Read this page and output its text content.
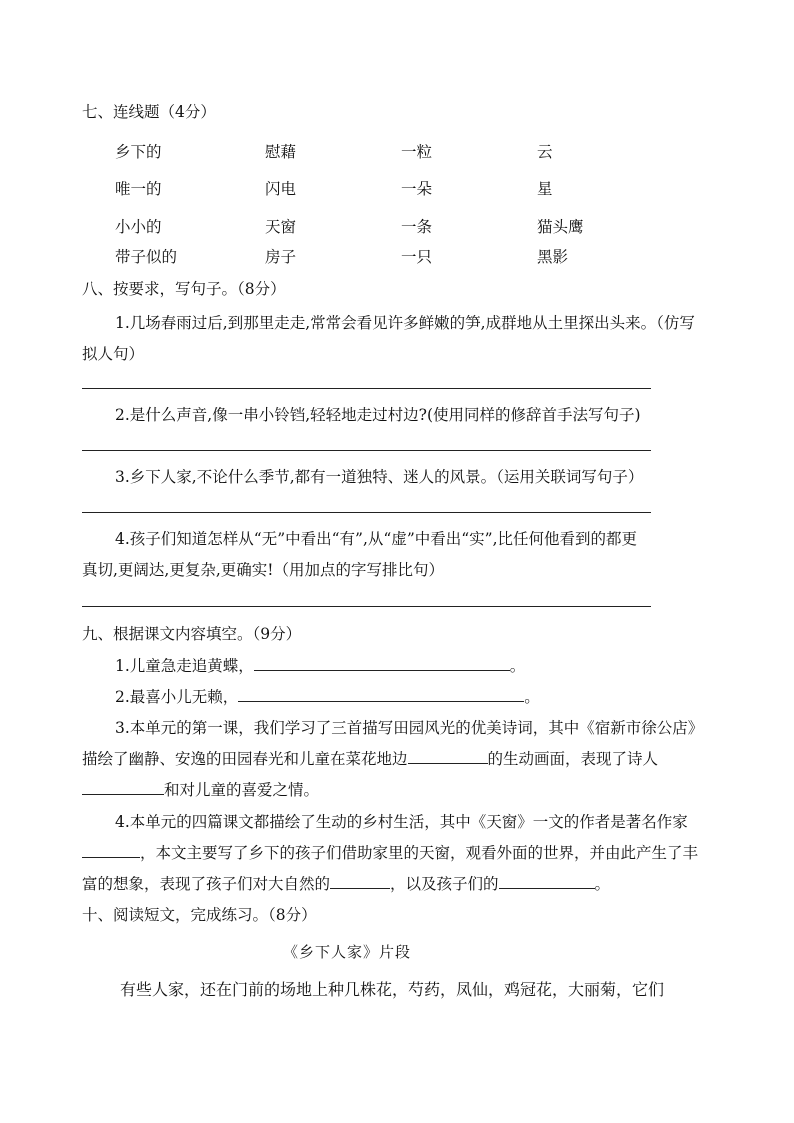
七、连线题（4分）
乡下的	慰藉	一粒	云
唯一的	闪电	一朵	星
小小的	天窗	一条	猫头鹰
带子似的	房子	一只	黑影
八、按要求，写句子。（8分）
1.几场春雨过后,到那里走走,常常会看见许多鲜嫩的笋,成群地从土里探出头来。（仿写
拟人句）
2.是什么声音,像一串小铃铛,轻轻地走过村边?(使用同样的修辞首手法写句子)
3.乡下人家,不论什么季节,都有一道独特、迷人的风景。（运用关联词写句子）
4.孩子们知道怎样从“无”中看出“有”,从“虚”中看出“实”,比任何他看到的都更
真切,更阔达,更复杂,更确实!（用加点的字写排比句）
九、根据课文内容填空。（9分）
1.儿童急走追黄蝶，	。
2.最喜小儿无赖，	。
3.本单元的第一课，我们学习了三首描写田园风光的优美诗词，其中《宿新市徐公店》
描绘了幽静、安逸的田园春光和儿童在菜花地边	的生动画面，表现了诗人
和对儿童的喜爱之情。
4.本单元的四篇课文都描绘了生动的乡村生活，其中《天窗》一文的作者是著名作家
，本文主要写了乡下的孩子们借助家里的天窗，观看外面的世界，并由此产生了丰
富的想象，表现了孩子们对大自然的	，以及孩子们的	。
十、阅读短文，完成练习。（8分）
《乡下人家》片段
有些人家，还在门前的场地上种几株花，芍药，凤仙，鸡冠花，大丽菊，它们
